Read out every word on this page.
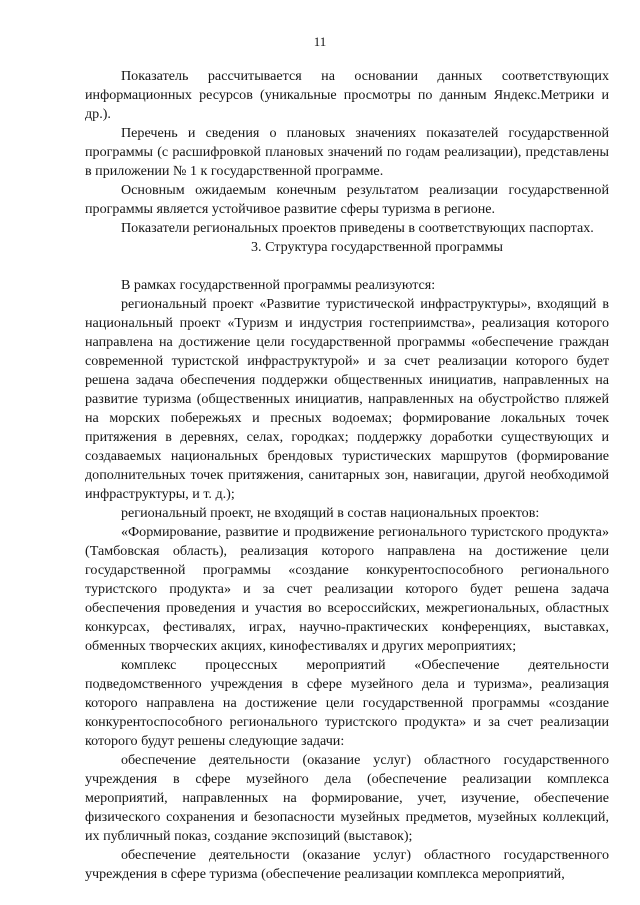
11

Показатель рассчитывается на основании данных соответствующих информационных ресурсов (уникальные просмотры по данным Яндекс.Метрики и др.).

Перечень и сведения о плановых значениях показателей государственной программы (с расшифровкой плановых значений по годам реализации), представлены в приложении № 1 к государственной программе.

Основным ожидаемым конечным результатом реализации государственной программы является устойчивое развитие сферы туризма в регионе.

Показатели региональных проектов приведены в соответствующих паспортах.

3. Структура государственной программы

В рамках государственной программы реализуются:

региональный проект «Развитие туристической инфраструктуры», входящий в национальный проект «Туризм и индустрия гостеприимства», реализация которого направлена на достижение цели государственной программы «обеспечение граждан современной туристской инфраструктурой» и за счет реализации которого будет решена задача обеспечения поддержки общественных инициатив, направленных на развитие туризма (общественных инициатив, направленных на обустройство пляжей на морских побережьях и пресных водоемах; формирование локальных точек притяжения в деревнях, селах, городках; поддержку доработки существующих и создаваемых национальных брендовых туристических маршрутов (формирование дополнительных точек притяжения, санитарных зон, навигации, другой необходимой инфраструктуры, и т. д.);

региональный проект, не входящий в состав национальных проектов:

«Формирование, развитие и продвижение регионального туристского продукта» (Тамбовская область), реализация которого направлена на достижение цели государственной программы «создание конкурентоспособного регионального туристского продукта» и за счет реализации которого будет решена задача обеспечения проведения и участия во всероссийских, межрегиональных, областных конкурсах, фестивалях, играх, научно-практических конференциях, выставках, обменных творческих акциях, кинофестивалях и других мероприятиях;

комплекс процессных мероприятий «Обеспечение деятельности подведомственного учреждения в сфере музейного дела и туризма», реализация которого направлена на достижение цели государственной программы «создание конкурентоспособного регионального туристского продукта» и за счет реализации которого будут решены следующие задачи:

обеспечение деятельности (оказание услуг) областного государственного учреждения в сфере музейного дела (обеспечение реализации комплекса мероприятий, направленных на формирование, учет, изучение, обеспечение физического сохранения и безопасности музейных предметов, музейных коллекций, их публичный показ, создание экспозиций (выставок);

обеспечение деятельности (оказание услуг) областного государственного учреждения в сфере туризма (обеспечение реализации комплекса мероприятий,
